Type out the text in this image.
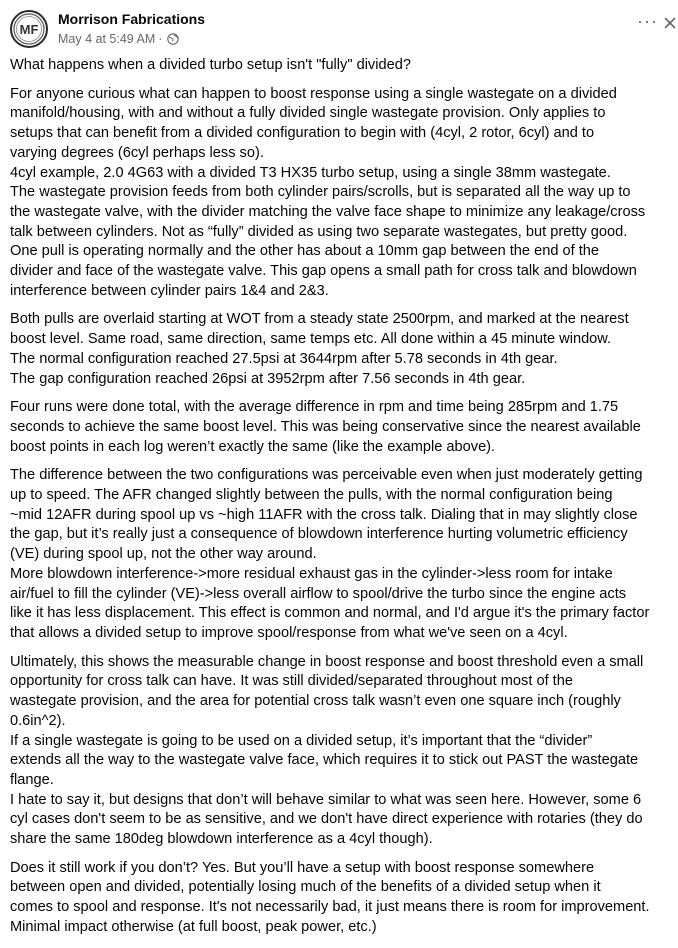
MF
Morrison Fabrications
May 4 at 5:49 AM ·
···
What happens when a divided turbo setup isn't "fully" divided?
For anyone curious what can happen to boost response using a single wastegate on a divided
manifold/housing, with and without a fully divided single wastegate provision. Only applies to
setups that can benefit from a divided configuration to begin with (4cyl, 2 rotor, 6cyl) and to
varying degrees (6cyl perhaps less so).
4cyl example, 2.0 4G63 with a divided T3 HX35 turbo setup, using a single 38mm wastegate.
The wastegate provision feeds from both cylinder pairs/scrolls, but is separated all the way up to
the wastegate valve, with the divider matching the valve face shape to minimize any leakage/cross
talk between cylinders. Not as “fully” divided as using two separate wastegates, but pretty good.
One pull is operating normally and the other has about a 10mm gap between the end of the
divider and face of the wastegate valve. This gap opens a small path for cross talk and blowdown
interference between cylinder pairs 1&4 and 2&3.
Both pulls are overlaid starting at WOT from a steady state 2500rpm, and marked at the nearest
boost level. Same road, same direction, same temps etc. All done within a 45 minute window.
The normal configuration reached 27.5psi at 3644rpm after 5.78 seconds in 4th gear.
The gap configuration reached 26psi at 3952rpm after 7.56 seconds in 4th gear.
Four runs were done total, with the average difference in rpm and time being 285rpm and 1.75
seconds to achieve the same boost level. This was being conservative since the nearest available
boost points in each log weren’t exactly the same (like the example above).
The difference between the two configurations was perceivable even when just moderately getting
up to speed. The AFR changed slightly between the pulls, with the normal configuration being
~mid 12AFR during spool up vs ~high 11AFR with the cross talk. Dialing that in may slightly close
the gap, but it’s really just a consequence of blowdown interference hurting volumetric efficiency
(VE) during spool up, not the other way around.
More blowdown interference->more residual exhaust gas in the cylinder->less room for intake
air/fuel to fill the cylinder (VE)->less overall airflow to spool/drive the turbo since the engine acts
like it has less displacement. This effect is common and normal, and I'd argue it's the primary factor
that allows a divided setup to improve spool/response from what we've seen on a 4cyl.
Ultimately, this shows the measurable change in boost response and boost threshold even a small
opportunity for cross talk can have. It was still divided/separated throughout most of the
wastegate provision, and the area for potential cross talk wasn’t even one square inch (roughly
0.6in^2).
If a single wastegate is going to be used on a divided setup, it’s important that the “divider”
extends all the way to the wastegate valve face, which requires it to stick out PAST the wastegate
flange.
I hate to say it, but designs that don’t will behave similar to what was seen here. However, some 6
cyl cases don't seem to be as sensitive, and we don't have direct experience with rotaries (they do
share the same 180deg blowdown interference as a 4cyl though).
Does it still work if you don’t? Yes. But you’ll have a setup with boost response somewhere
between open and divided, potentially losing much of the benefits of a divided setup when it
comes to spool and response. It's not necessarily bad, it just means there is room for improvement.
Minimal impact otherwise (at full boost, peak power, etc.)
